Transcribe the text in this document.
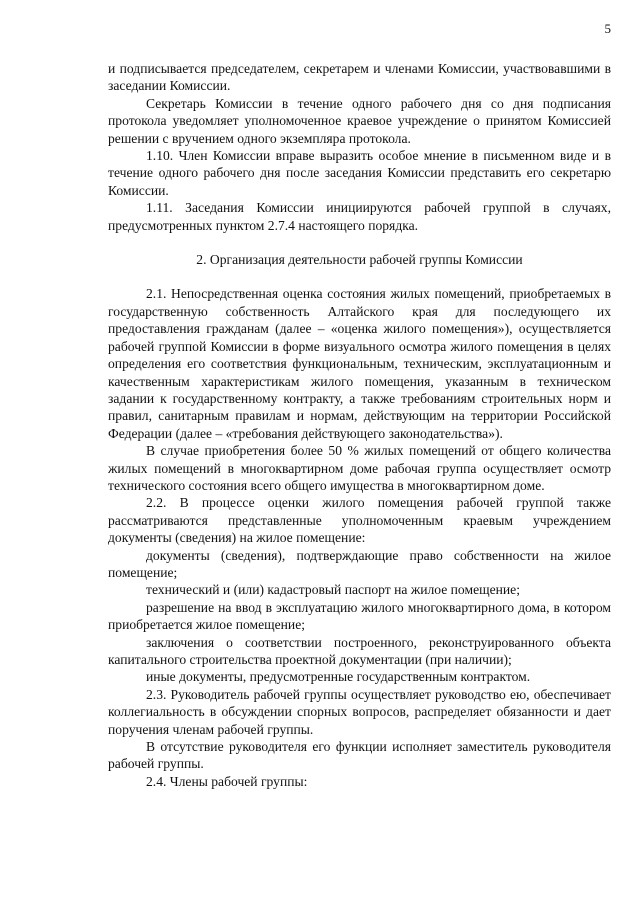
5

и подписывается председателем, секретарем и членами Комиссии, участвовавшими в заседании Комиссии.

Секретарь Комиссии в течение одного рабочего дня со дня подписания протокола уведомляет уполномоченное краевое учреждение о принятом Комиссией решении с вручением одного экземпляра протокола.

1.10. Член Комиссии вправе выразить особое мнение в письменном виде и в течение одного рабочего дня после заседания Комиссии представить его секретарю Комиссии.

1.11. Заседания Комиссии инициируются рабочей группой в случаях, предусмотренных пунктом 2.7.4 настоящего порядка.

2. Организация деятельности рабочей группы Комиссии

2.1. Непосредственная оценка состояния жилых помещений, приобретаемых в государственную собственность Алтайского края для последующего их предоставления гражданам (далее – «оценка жилого помещения»), осуществляется рабочей группой Комиссии в форме визуального осмотра жилого помещения в целях определения его соответствия функциональным, техническим, эксплуатационным и качественным характеристикам жилого помещения, указанным в техническом задании к государственному контракту, а также требованиям строительных норм и правил, санитарным правилам и нормам, действующим на территории Российской Федерации (далее – «требования действующего законодательства»).

В случае приобретения более 50 % жилых помещений от общего количества жилых помещений в многоквартирном доме рабочая группа осуществляет осмотр технического состояния всего общего имущества в многоквартирном доме.

2.2. В процессе оценки жилого помещения рабочей группой также рассматриваются представленные уполномоченным краевым учреждением документы (сведения) на жилое помещение:

документы (сведения), подтверждающие право собственности на жилое помещение;

технический и (или) кадастровый паспорт на жилое помещение;

разрешение на ввод в эксплуатацию жилого многоквартирного дома, в котором приобретается жилое помещение;

заключения о соответствии построенного, реконструированного объекта капитального строительства проектной документации (при наличии);

иные документы, предусмотренные государственным контрактом.

2.3. Руководитель рабочей группы осуществляет руководство ею, обеспечивает коллегиальность в обсуждении спорных вопросов, распределяет обязанности и дает поручения членам рабочей группы.

В отсутствие руководителя его функции исполняет заместитель руководителя рабочей группы.

2.4. Члены рабочей группы:
